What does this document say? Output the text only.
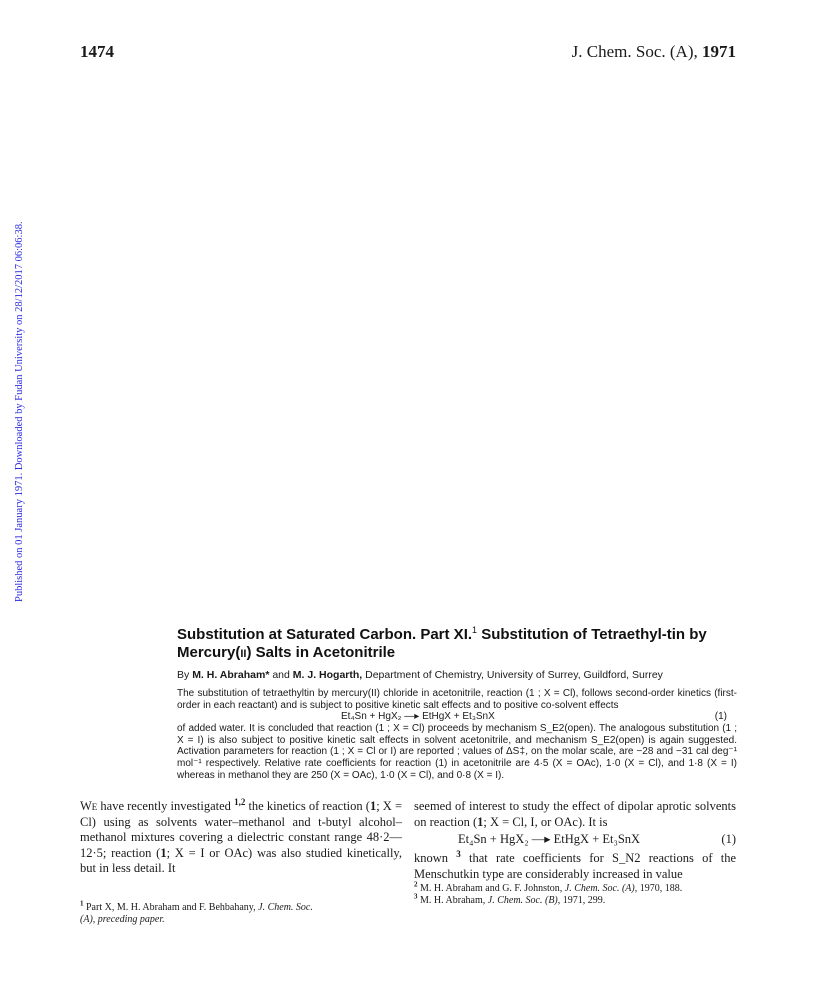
1474	J. Chem. Soc. (A), 1971
Published on 01 January 1971. Downloaded by Fudan University on 28/12/2017 06:06:38.
Substitution at Saturated Carbon. Part XI.$^1$ Substitution of Tetraethyl-tin by Mercury(ii) Salts in Acetonitrile
By M. H. Abraham* and M. J. Hogarth, Department of Chemistry, University of Surrey, Guildford, Surrey

The substitution of tetraethyltin by mercury(II) chloride in acetonitrile, reaction (1 ; X = Cl), follows second-order kinetics (first-order in each reactant) and is subject to positive kinetic salt effects and to positive co-solvent effects

Et₄Sn + HgX₂ —▸ EtHgX + Et₃SnX	(1)

of added water. It is concluded that reaction (1 ; X = Cl) proceeds by mechanism S_E2(open). The analogous substitution (1 ; X = I) is also subject to positive kinetic salt effects in solvent acetonitrile, and mechanism S_E2(open) is again suggested. Activation parameters for reaction (1 ; X = Cl or I) are reported ; values of ΔS‡, on the molar scale, are −28 and −31 cal deg⁻¹ mol⁻¹ respectively. Relative rate coefficients for reaction (1) in acetonitrile are 4·5 (X = OAc), 1·0 (X = Cl), and 1·8 (X = I) whereas in methanol they are 250 (X = OAc), 1·0 (X = Cl), and 0·8 (X = I).

We have recently investigated $^{1,2}$ the kinetics of reaction (1; X = Cl) using as solvents water–methanol and t-butyl alcohol–methanol mixtures covering a dielectric constant range 48·2—12·5; reaction (1; X = I or OAc) was also studied kinetically, but in less detail. It

$^1$ Part X, M. H. Abraham and F. Behbahany, J. Chem. Soc.
(A), preceding paper.

seemed of interest to study the effect of dipolar aprotic solvents on reaction (1; X = Cl, I, or OAc). It is

Et₄Sn + HgX₂ —▸ EtHgX + Et₃SnX	(1)

known $^3$ that rate coefficients for S_N2 reactions of the Menschutkin type are considerably increased in value

$^2$ M. H. Abraham and G. F. Johnston, J. Chem. Soc. (A), 1970, 188.

$^3$ M. H. Abraham, J. Chem. Soc. (B), 1971, 299.
